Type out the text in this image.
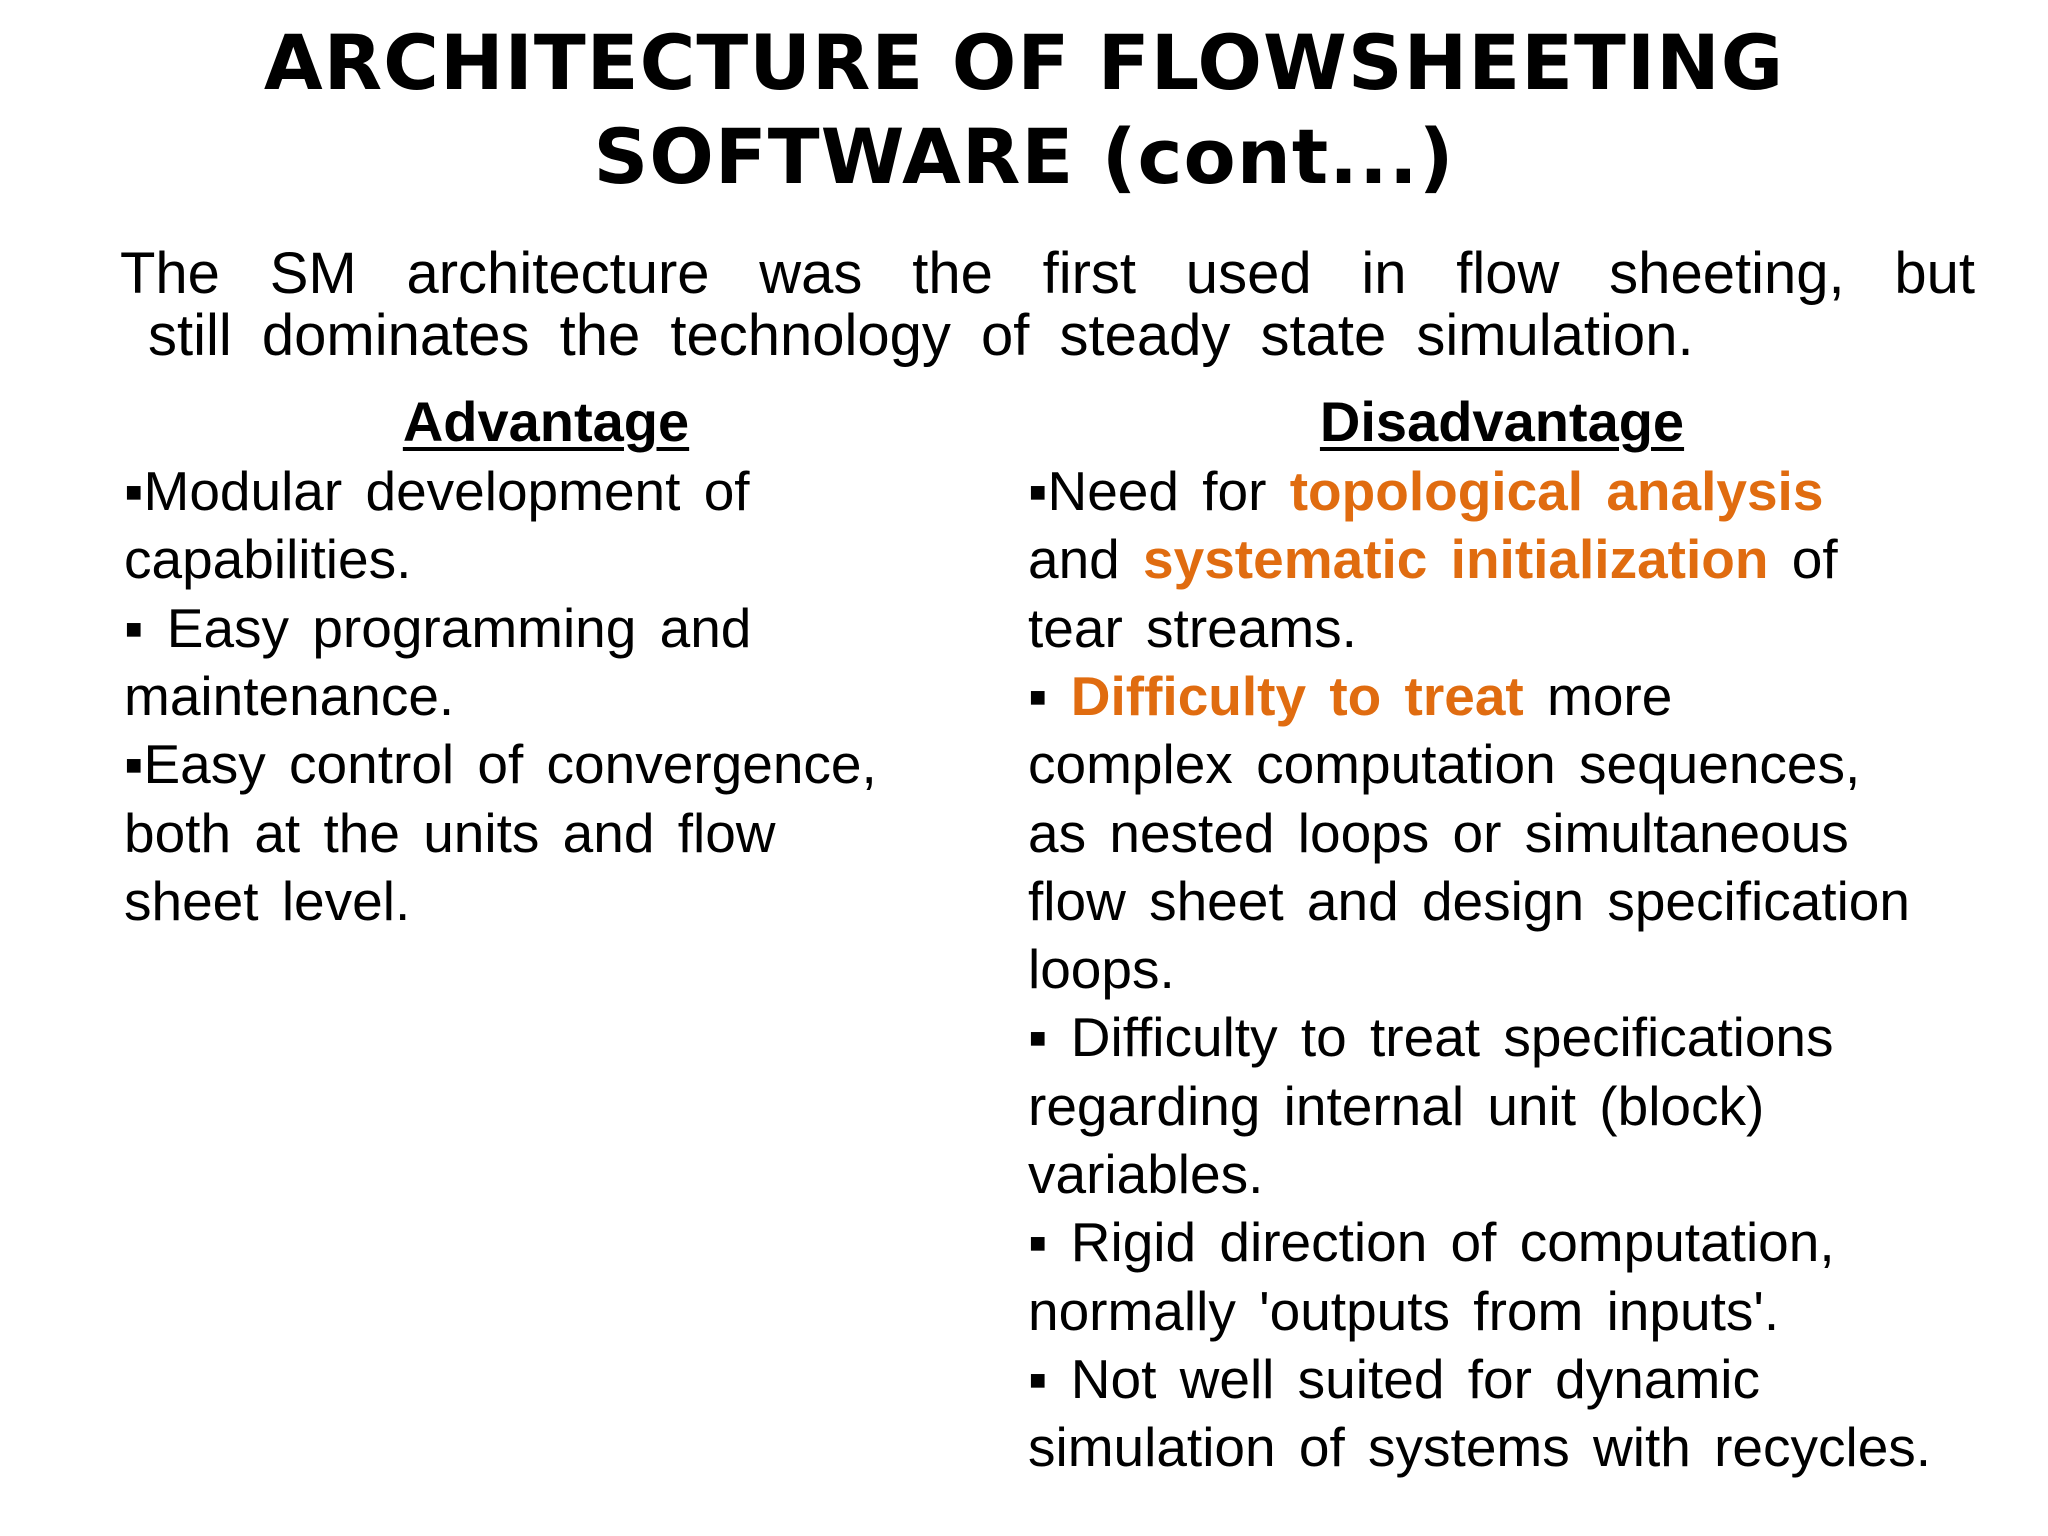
ARCHITECTURE OF FLOWSHEETING
SOFTWARE (cont...)
The SM architecture was the first used in flow sheeting, but
still dominates the technology of steady state simulation.
Advantage	Disadvantage
▪Modular development of
capabilities.
▪ Easy programming and
maintenance.
▪Easy control of convergence,
both at the units and flow
sheet level.
▪Need for topological analysis
and systematic initialization of
tear streams.
▪ Difficulty to treat more
complex computation sequences,
as nested loops or simultaneous
flow sheet and design specification
loops.
▪ Difficulty to treat specifications
regarding internal unit (block)
variables.
▪ Rigid direction of computation,
normally 'outputs from inputs'.
▪ Not well suited for dynamic
simulation of systems with recycles.
